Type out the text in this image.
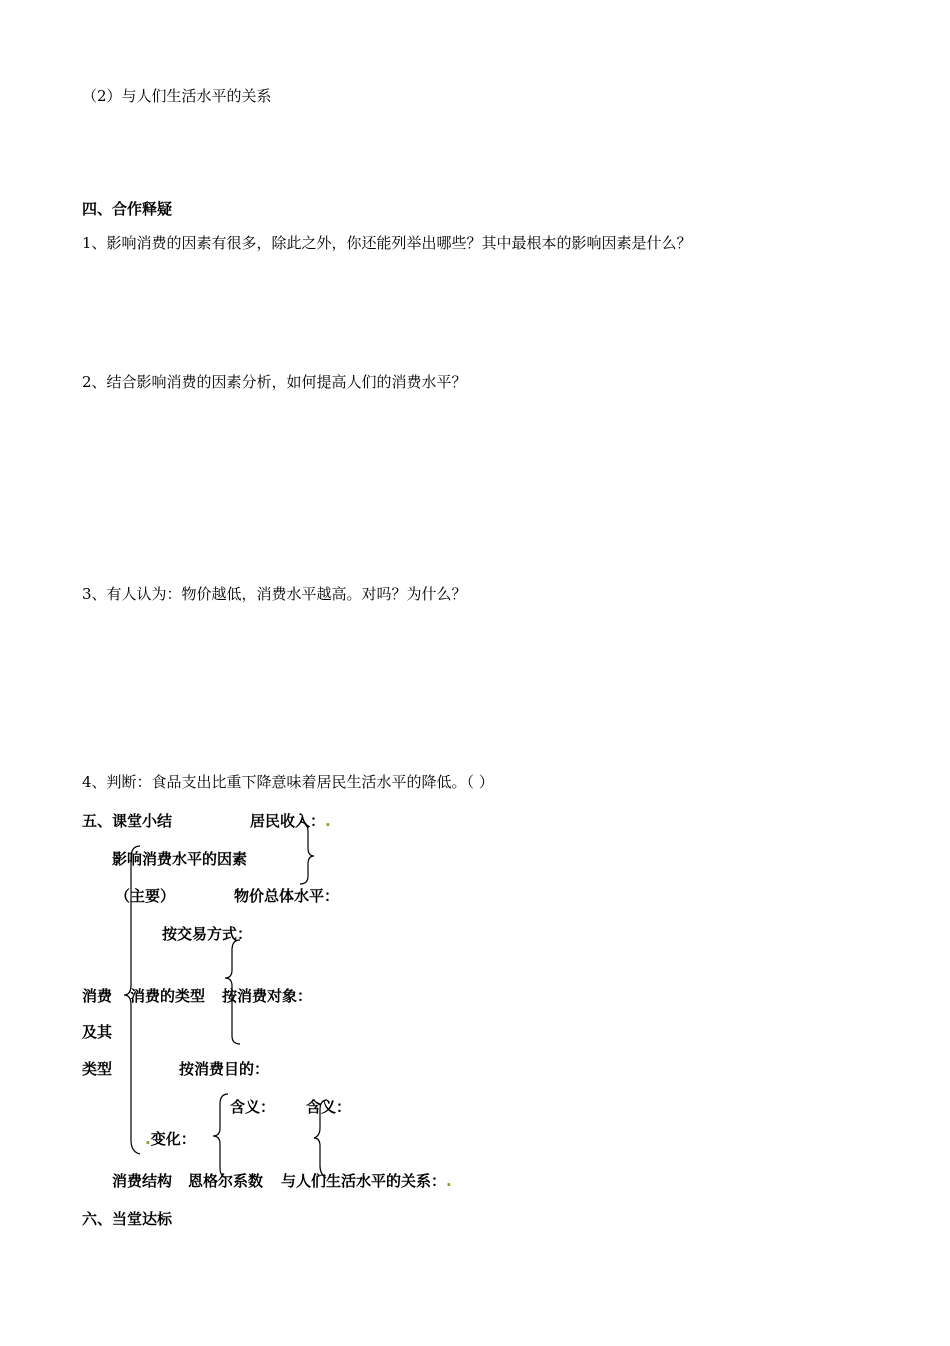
（2）与人们生活水平的关系
四、合作释疑
1、影响消费的因素有很多，除此之外，你还能列举出哪些？其中最根本的影响因素是什么？
2、结合影响消费的因素分析，如何提高人们的消费水平？
3、有人认为：物价越低，消费水平越高。对吗？为什么？
4、判断：食品支出比重下降意味着居民生活水平的降低。（ ）
五、课堂小结	居民收入：.
影响消费水平的因素
（主要）	物价总体水平：
按交易方式：
消费 消费的类型 按消费对象：
及其
类型	按消费目的：
含义： 含义：
.变化：
消费结构 恩格尔系数 与人们生活水平的关系：.
六、当堂达标
